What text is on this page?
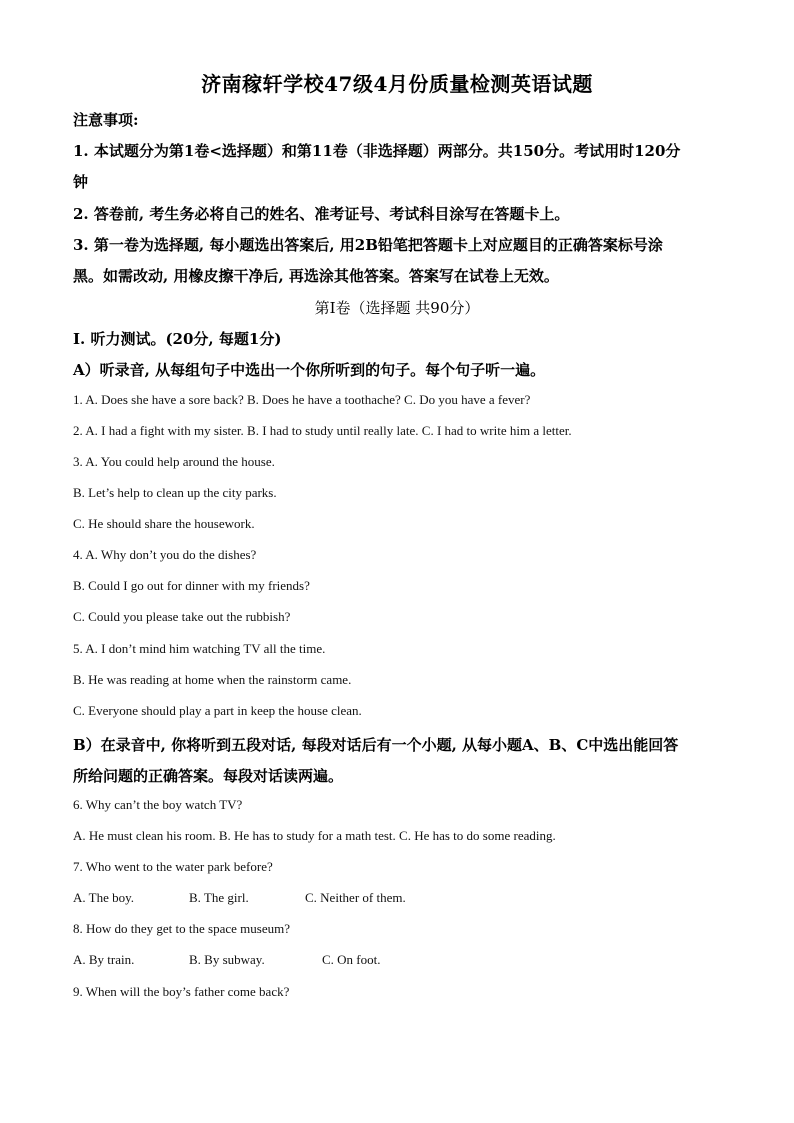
济南稼轩学校47级4月份质量检测英语试题
注意事项:
1. 本试题分为第1卷<选择题）和第11卷（非选择题）两部分。共150分。考试用时120分
钟
2. 答卷前, 考生务必将自己的姓名、准考证号、考试科目涂写在答题卡上。
3. 第一卷为选择题, 每小题选出答案后, 用2B铅笔把答题卡上对应题目的正确答案标号涂
黑。如需改动, 用橡皮擦干净后, 再选涂其他答案。答案写在试卷上无效。
第Ⅰ卷（选择题 共90分）
I. 听力测试。(20分, 每题1分)
A）听录音, 从每组句子中选出一个你所听到的句子。每个句子听一遍。
1. A. Does she have a sore back? B. Does he have a toothache? C. Do you have a fever?
2. A. I had a fight with my sister. B. I had to study until really late. C. I had to write him a letter.
3. A. You could help around the house.
B. Let’s help to clean up the city parks.
C. He should share the housework.
4. A. Why don’t you do the dishes?
B. Could I go out for dinner with my friends?
C. Could you please take out the rubbish?
5. A. I don’t mind him watching TV all the time.
B. He was reading at home when the rainstorm came.
C. Everyone should play a part in keep the house clean.
B）在录音中, 你将听到五段对话, 每段对话后有一个小题, 从每小题A、B、C中选出能回答
所给问题的正确答案。每段对话读两遍。
6. Why can’t the boy watch TV?
A. He must clean his room. B. He has to study for a math test. C. He has to do some reading.
7. Who went to the water park before?
A. The boy.	B. The girl.	C. Neither of them.
8. How do they get to the space museum?
A. By train.	B. By subway.	C. On foot.
9. When will the boy’s father come back?
